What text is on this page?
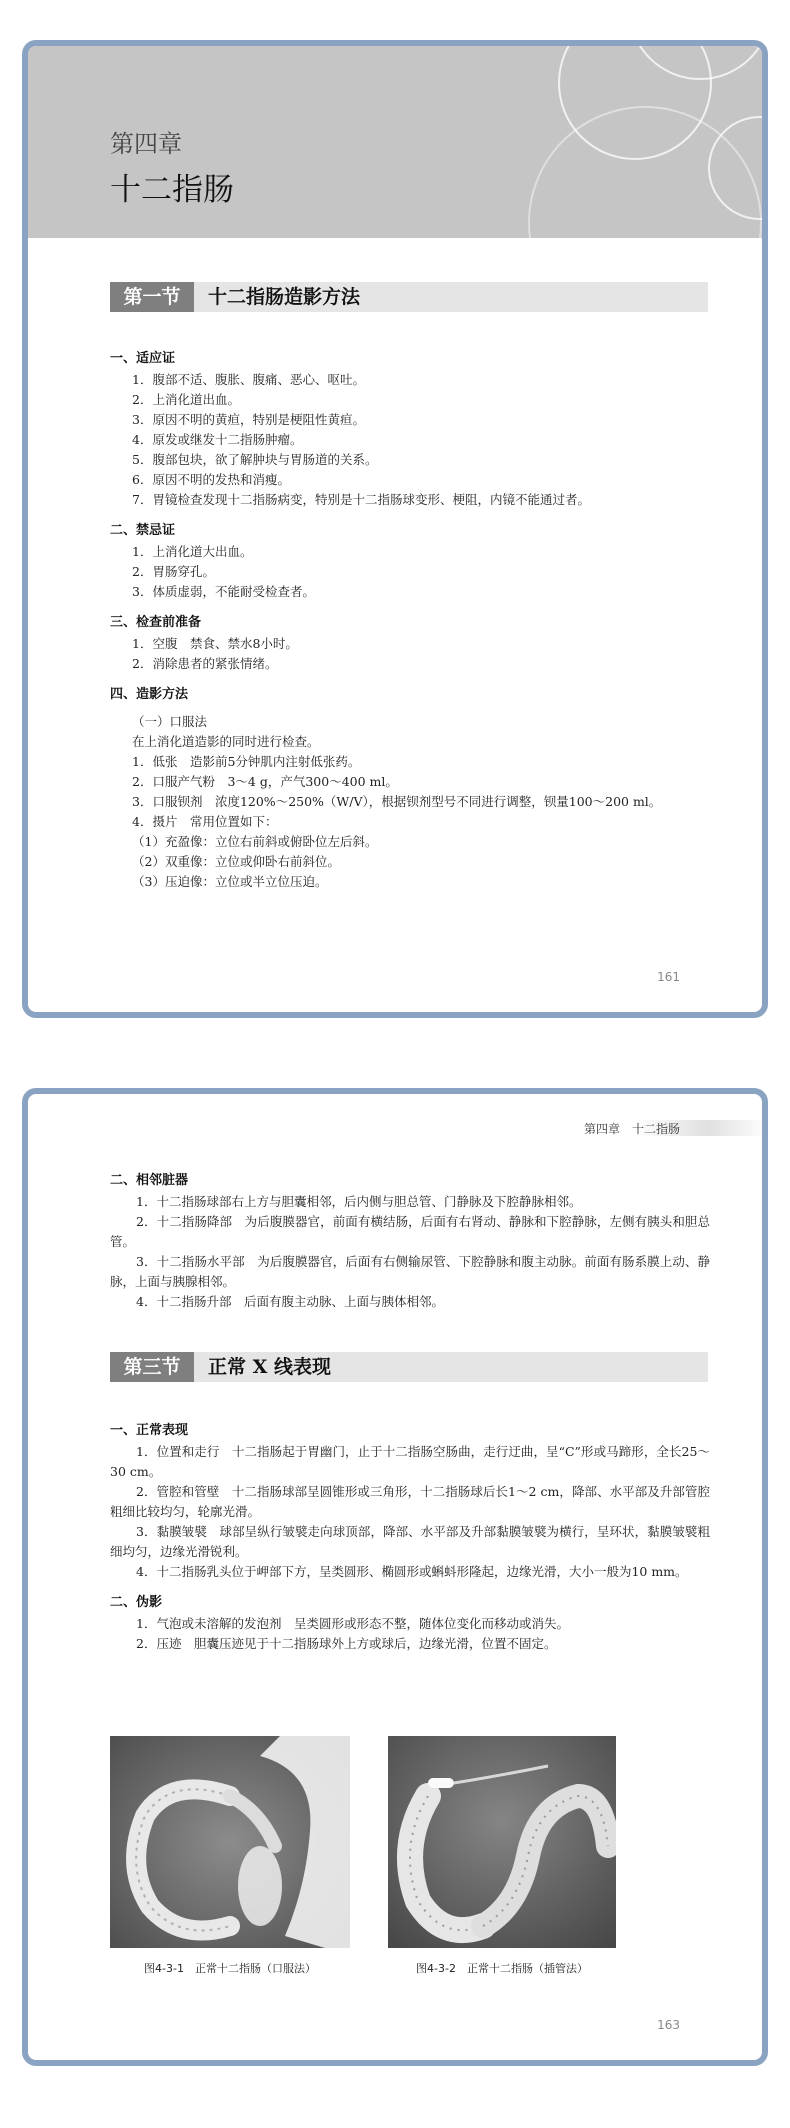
第四章
十二指肠
第一节	十二指肠造影方法

一、适应证

1．腹部不适、腹胀、腹痛、恶心、呕吐。

2．上消化道出血。

3．原因不明的黄疸，特别是梗阻性黄疸。

4．原发或继发十二指肠肿瘤。

5．腹部包块，欲了解肿块与胃肠道的关系。

6．原因不明的发热和消瘦。

7．胃镜检查发现十二指肠病变，特别是十二指肠球变形、梗阻，内镜不能通过者。

二、禁忌证

1．上消化道大出血。

2．胃肠穿孔。

3．体质虚弱，不能耐受检查者。

三、检查前准备

1．空腹　禁食、禁水8小时。

2．消除患者的紧张情绪。

四、造影方法

（一）口服法

在上消化道造影的同时进行检查。

1．低张　造影前5分钟肌内注射低张药。

2．口服产气粉　3～4 g，产气300～400 ml。

3．口服钡剂　浓度120%～250%（W/V），根据钡剂型号不同进行调整，钡量100～200 ml。

4．摄片　常用位置如下：

（1）充盈像：立位右前斜或俯卧位左后斜。

（2）双重像：立位或仰卧右前斜位。

（3）压迫像：立位或半立位压迫。

161
第四章　十二指肠

二、相邻脏器

1．十二指肠球部右上方与胆囊相邻，后内侧与胆总管、门静脉及下腔静脉相邻。

2．十二指肠降部　为后腹膜器官，前面有横结肠，后面有右肾动、静脉和下腔静脉，左侧有胰头和胆总管。

3．十二指肠水平部　为后腹膜器官，后面有右侧输尿管、下腔静脉和腹主动脉。前面有肠系膜上动、静脉，上面与胰腺相邻。

4．十二指肠升部　后面有腹主动脉、上面与胰体相邻。

第三节	正常 X 线表现

一、正常表现

1．位置和走行　十二指肠起于胃幽门，止于十二指肠空肠曲，走行迂曲，呈“C”形或马蹄形，全长25～30 cm。

2．管腔和管壁　十二指肠球部呈圆锥形或三角形，十二指肠球后长1～2 cm，降部、水平部及升部管腔粗细比较均匀，轮廓光滑。

3．黏膜皱襞　球部呈纵行皱襞走向球顶部，降部、水平部及升部黏膜皱襞为横行，呈环状，黏膜皱襞粗细均匀，边缘光滑锐利。

4．十二指肠乳头位于岬部下方，呈类圆形、椭圆形或蝌蚪形隆起，边缘光滑，大小一般为10 mm。

二、伪影

1．气泡或未溶解的发泡剂　呈类圆形或形态不整，随体位变化而移动或消失。

2．压迹　胆囊压迹见于十二指肠球外上方或球后，边缘光滑，位置不固定。

图4-3-1　正常十二指肠（口服法）	图4-3-2　正常十二指肠（插管法）
163
